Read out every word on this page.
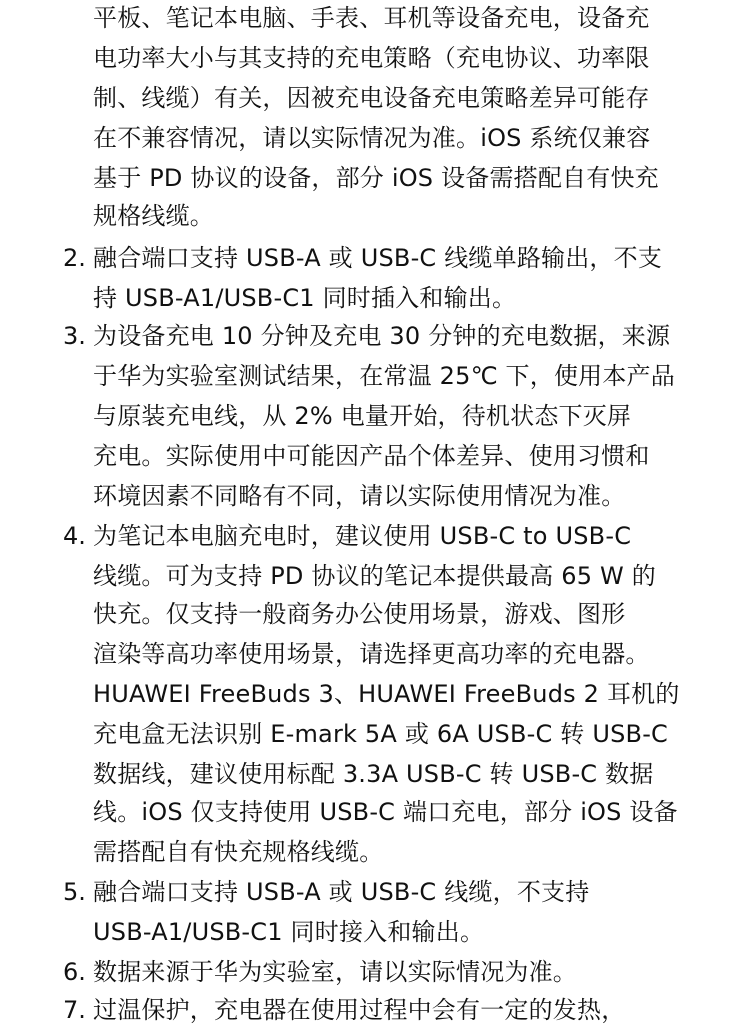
平板、笔记本电脑、手表、耳机等设备充电，设备充
电功率大小与其支持的充电策略（充电协议、功率限
制、线缆）有关，因被充电设备充电策略差异可能存
在不兼容情况，请以实际情况为准。iOS 系统仅兼容
基于 PD 协议的设备，部分 iOS 设备需搭配自有快充
规格线缆。
2. 融合端口支持 USB-A 或 USB-C 线缆单路输出，不支
持 USB-A1/USB-C1 同时插入和输出。
3. 为设备充电 10 分钟及充电 30 分钟的充电数据，来源
于华为实验室测试结果，在常温 25℃ 下，使用本产品
与原装充电线，从 2% 电量开始，待机状态下灭屏
充电。实际使用中可能因产品个体差异、使用习惯和
环境因素不同略有不同，请以实际使用情况为准。
4. 为笔记本电脑充电时，建议使用 USB-C to USB-C
线缆。可为支持 PD 协议的笔记本提供最高 65 W 的
快充。仅支持一般商务办公使用场景，游戏、图形
渲染等高功率使用场景，请选择更高功率的充电器。
HUAWEI FreeBuds 3、HUAWEI FreeBuds 2 耳机的
充电盒无法识别 E-mark 5A 或 6A USB-C 转 USB-C
数据线，建议使用标配 3.3A USB-C 转 USB-C 数据
线。iOS 仅支持使用 USB-C 端口充电，部分 iOS 设备
需搭配自有快充规格线缆。
5. 融合端口支持 USB-A 或 USB-C 线缆，不支持
USB-A1/USB-C1 同时接入和输出。
6. 数据来源于华为实验室，请以实际情况为准。
7. 过温保护，充电器在使用过程中会有一定的发热，
